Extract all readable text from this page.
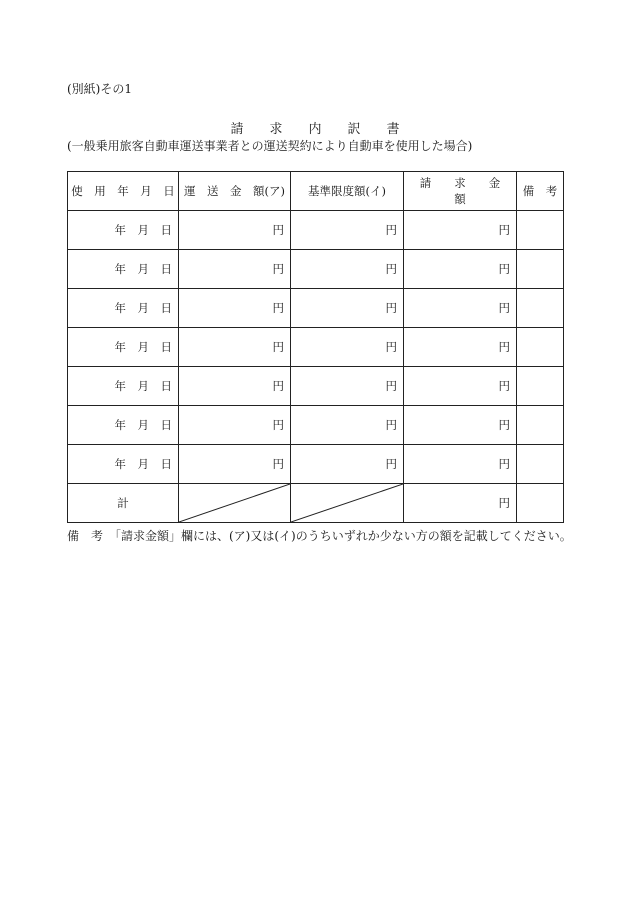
(別紙)その1
請　　求　　内　　訳　　書
(一般乗用旅客自動車運送事業者との運送契約により自動車を使用した場合)
使　用　年　月　日	運　送　金　額(ア)	基準限度額(イ)	請　　求　　金　　額	備　考
年　月　日	円	円	円	
年　月　日	円	円	円	
年　月　日	円	円	円	
年　月　日	円	円	円	
年　月　日	円	円	円	
年　月　日	円	円	円	
年　月　日	円	円	円	
計			円	
備　考　「請求金額」欄には、(ア)又は(イ)のうちいずれか少ない方の額を記載してください。
